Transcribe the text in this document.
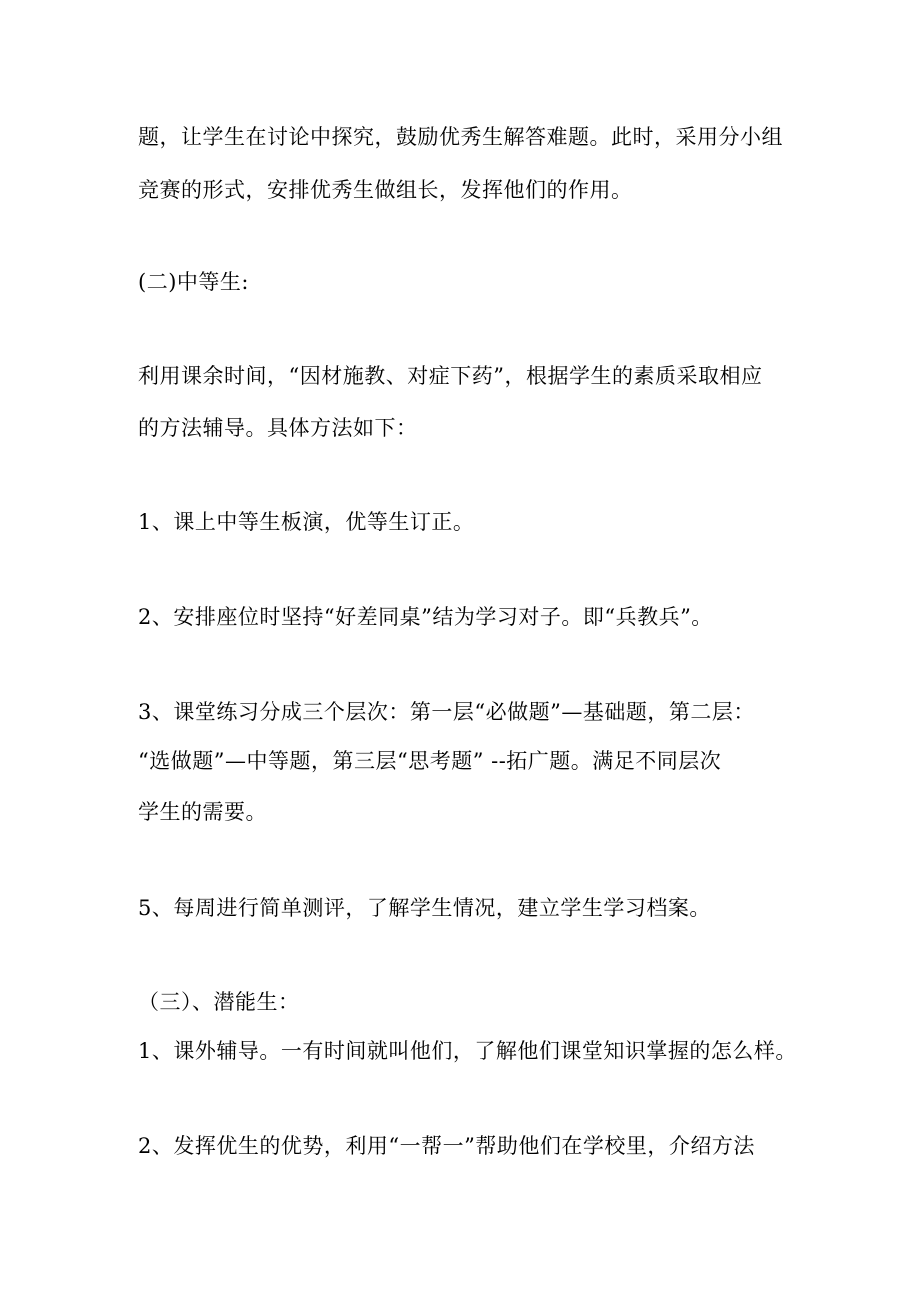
题，让学生在讨论中探究，鼓励优秀生解答难题。此时，采用分小组
竞赛的形式，安排优秀生做组长，发挥他们的作用。
(二)中等生:
利用课余时间，“因材施教、对症下药”，根据学生的素质采取相应
的方法辅导。具体方法如下：
1、课上中等生板演，优等生订正。
2、安排座位时坚持“好差同桌”结为学习对子。即“兵教兵”。
3、课堂练习分成三个层次：第一层“必做题”—基础题，第二层：
“选做题”—中等题，第三层“思考题” --拓广题。满足不同层次
学生的需要。
5、每周进行简单测评，了解学生情况，建立学生学习档案。
（三）、潜能生：
1、课外辅导。一有时间就叫他们，了解他们课堂知识掌握的怎么样。
2、发挥优生的优势，利用“一帮一”帮助他们在学校里，介绍方法
